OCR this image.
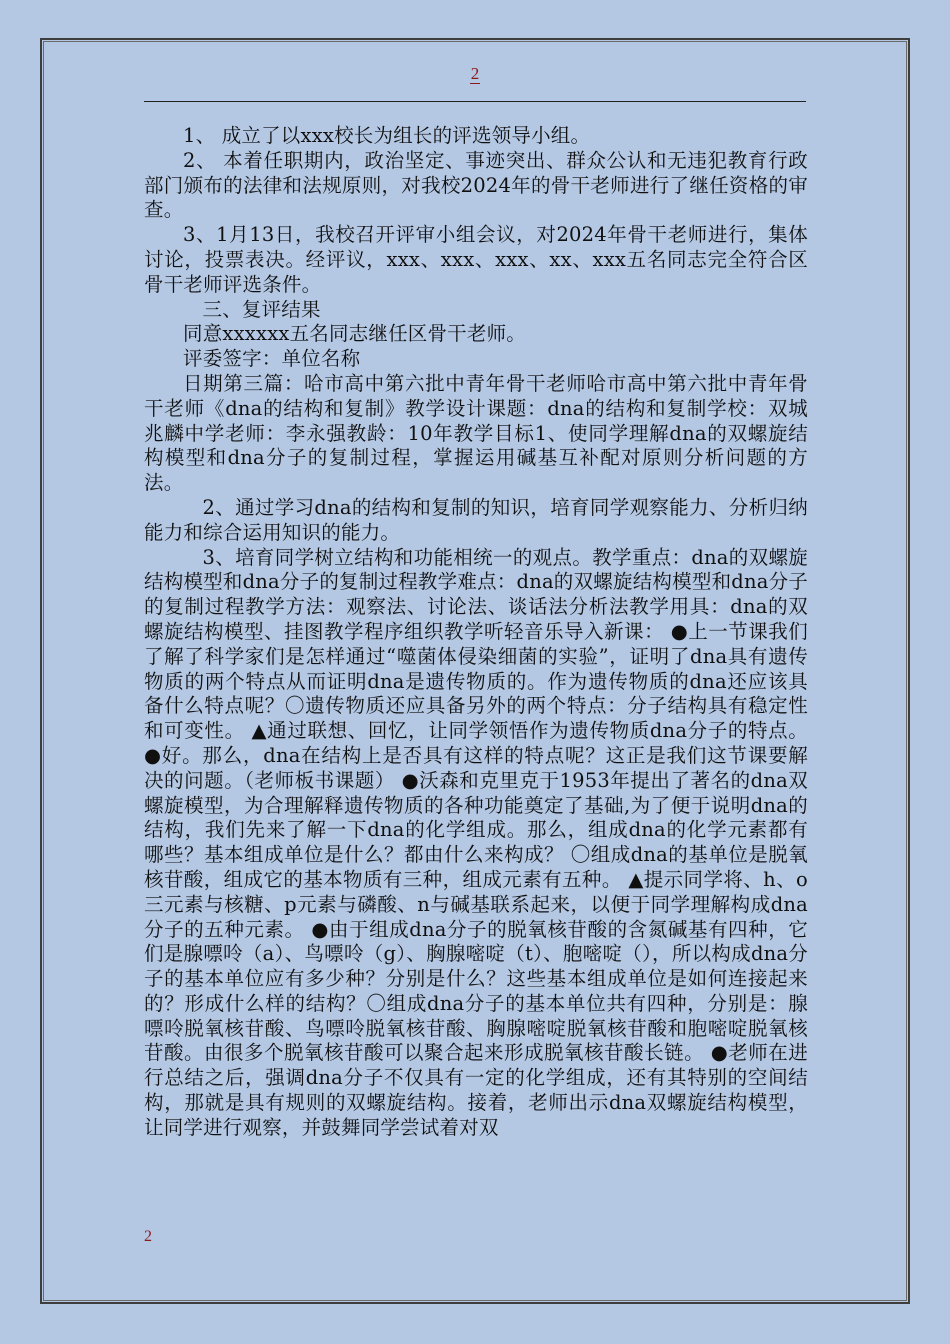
2

1、 成立了以xxx校长为组长的评选领导小组。

2、 本着任职期内，政治坚定、事迹突出、群众公认和无违犯教育行政部门颁布的法律和法规原则，对我校2024年的骨干老师进行了继任资格的审查。

3、1月13日，我校召开评审小组会议，对2024年骨干老师进行，集体讨论，投票表决。经评议，xxx、xxx、xxx、xx、xxx五名同志完全符合区骨干老师评选条件。

三、复评结果

同意xxxxxx五名同志继任区骨干老师。

评委签字：单位名称

日期第三篇：哈市高中第六批中青年骨干老师哈市高中第六批中青年骨干老师《dna的结构和复制》教学设计课题：dna的结构和复制学校：双城兆麟中学老师：李永强教龄：10年教学目标1、使同学理解dna的双螺旋结构模型和dna分子的复制过程，掌握运用碱基互补配对原则分析问题的方法。

2、通过学习dna的结构和复制的知识，培育同学观察能力、分析归纳能力和综合运用知识的能力。

3、培育同学树立结构和功能相统一的观点。教学重点：dna的双螺旋结构模型和dna分子的复制过程教学难点：dna的双螺旋结构模型和dna分子的复制过程教学方法：观察法、讨论法、谈话法分析法教学用具：dna的双螺旋结构模型、挂图教学程序组织教学听轻音乐导入新课： ●上一节课我们了解了科学家们是怎样通过“噬菌体侵染细菌的实验”，证明了dna具有遗传物质的两个特点从而证明dna是遗传物质的。作为遗传物质的dna还应该具备什么特点呢？〇遗传物质还应具备另外的两个特点：分子结构具有稳定性和可变性。 ▲通过联想、回忆，让同学领悟作为遗传物质dna分子的特点。 ●好。那么，dna在结构上是否具有这样的特点呢？这正是我们这节课要解决的问题。（老师板书课题） ●沃森和克里克于1953年提出了著名的dna双螺旋模型，为合理解释遗传物质的各种功能奠定了基础,为了便于说明dna的结构，我们先来了解一下dna的化学组成。那么，组成dna的化学元素都有哪些？基本组成单位是什么？都由什么来构成？ 〇组成dna的基单位是脱氧核苷酸，组成它的基本物质有三种，组成元素有五种。 ▲提示同学将、h、o三元素与核糖、p元素与磷酸、n与碱基联系起来，以便于同学理解构成dna分子的五种元素。 ●由于组成dna分子的脱氧核苷酸的含氮碱基有四种，它们是腺嘌呤（a）、鸟嘌呤（g）、胸腺嘧啶（t）、胞嘧啶（），所以构成dna分子的基本单位应有多少种？分别是什么？这些基本组成单位是如何连接起来的？形成什么样的结构？〇组成dna分子的基本单位共有四种，分别是：腺嘌呤脱氧核苷酸、鸟嘌呤脱氧核苷酸、胸腺嘧啶脱氧核苷酸和胞嘧啶脱氧核苷酸。由很多个脱氧核苷酸可以聚合起来形成脱氧核苷酸长链。 ●老师在进行总结之后，强调dna分子不仅具有一定的化学组成，还有其特别的空间结构，那就是具有规则的双螺旋结构。接着，老师出示dna双螺旋结构模型，让同学进行观察，并鼓舞同学尝试着对双

2
